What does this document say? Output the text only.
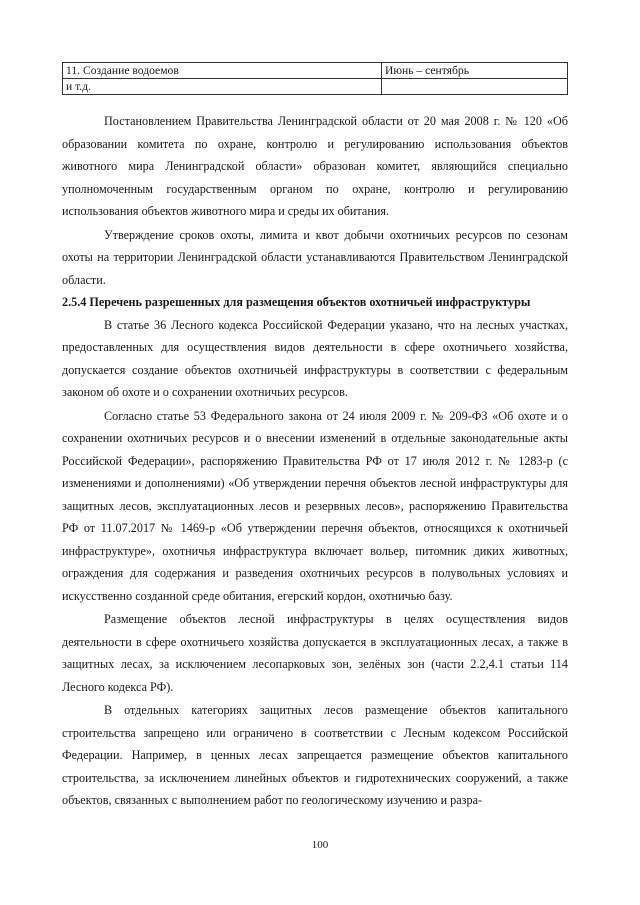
11. Создание водоемов	Июнь – сентябрь
и т.д.	

Постановлением Правительства Ленинградской области от 20 мая 2008 г. № 120 «Об образовании комитета по охране, контролю и регулированию использования объектов животного мира Ленинградской области» образован комитет, являющийся специально уполномоченным государственным органом по охране, контролю и регулированию использования объектов животного мира и среды их обитания.

Утверждение сроков охоты, лимита и квот добычи охотничьих ресурсов по сезонам охоты на территории Ленинградской области устанавливаются Правительством Ленинградской области.

2.5.4 Перечень разрешенных для размещения объектов охотничьей инфраструктуры

В статье 36 Лесного кодекса Российской Федерации указано, что на лесных участках, предоставленных для осуществления видов деятельности в сфере охотничьего хозяйства, допускается создание объектов охотничьей инфраструктуры в соответствии с федеральным законом об охоте и о сохранении охотничьих ресурсов.

Согласно статье 53 Федерального закона от 24 июля 2009 г. № 209-ФЗ «Об охоте и о сохранении охотничьих ресурсов и о внесении изменений в отдельные законодательные акты Российской Федерации», распоряжению Правительства РФ от 17 июля 2012 г. № 1283-р (с изменениями и дополнениями) «Об утверждении перечня объектов лесной инфраструктуры для защитных лесов, эксплуатационных лесов и резервных лесов», распоряжению Правительства РФ от 11.07.2017 № 1469-р «Об утверждении перечня объектов, относящихся к охотничьей инфраструктуре», охотничья инфраструктура включает вольер, питомник диких животных, ограждения для содержания и разведения охотничьих ресурсов в полувольных условиях и искусственно созданной среде обитания, егерский кордон, охотничью базу.

Размещение объектов лесной инфраструктуры в целях осуществления видов деятельности в сфере охотничьего хозяйства допускается в эксплуатационных лесах, а также в защитных лесах, за исключением лесопарковых зон, зелёных зон (части 2.2,4.1 статьи 114 Лесного кодекса РФ).

В отдельных категориях защитных лесов размещение объектов капитального строительства запрещено или ограничено в соответствии с Лесным кодексом Российской Федерации. Например, в ценных лесах запрещается размещение объектов капитального строительства, за исключением линейных объектов и гидротехнических сооружений, а также объектов, связанных с выполнением работ по геологическому изучению и разра-

100
